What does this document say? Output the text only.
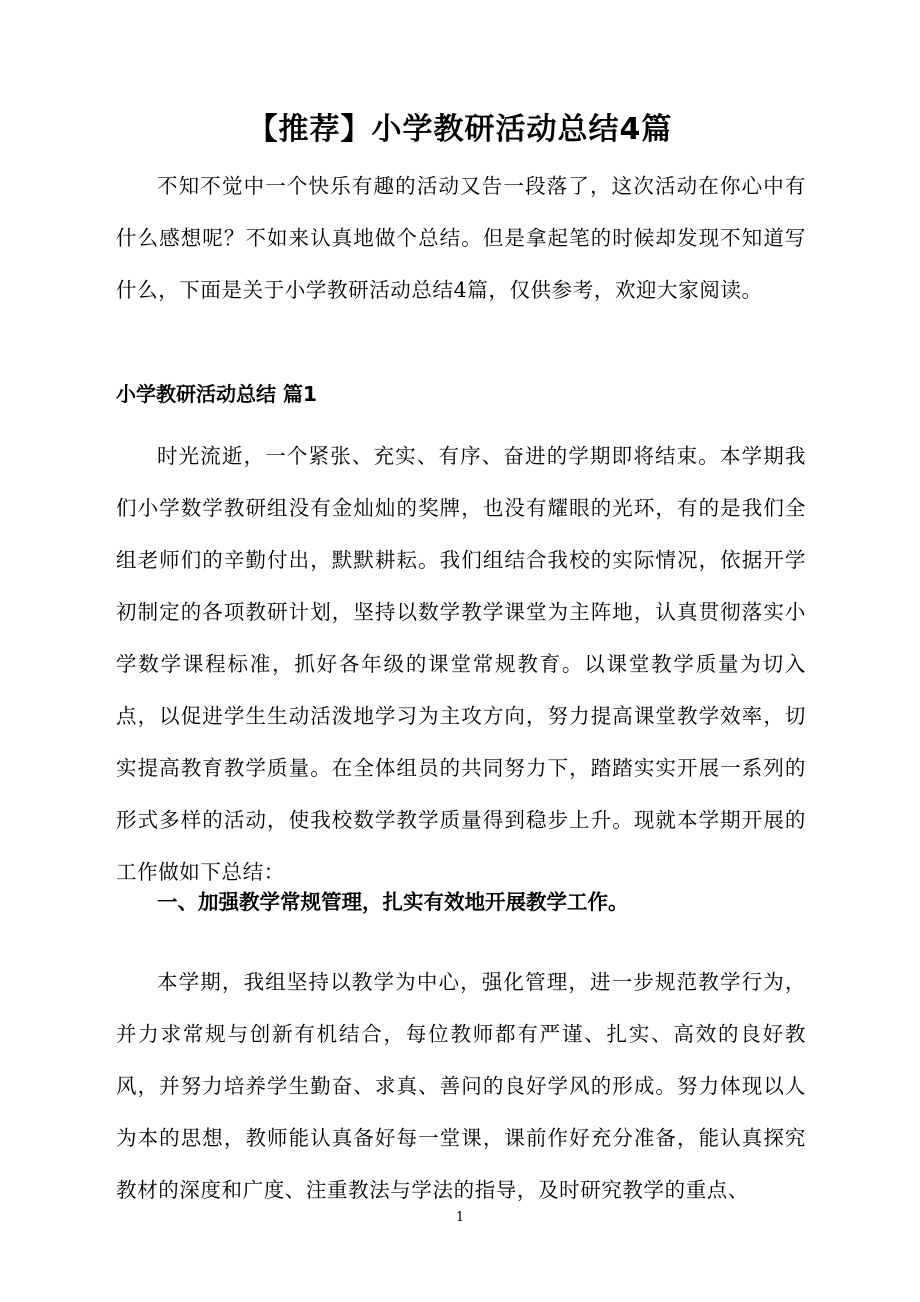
【推荐】小学教研活动总结4篇

不知不觉中一个快乐有趣的活动又告一段落了，这次活动在你心中有什么感想呢？不如来认真地做个总结。但是拿起笔的时候却发现不知道写什么，下面是关于小学教研活动总结4篇，仅供参考，欢迎大家阅读。

小学教研活动总结 篇1

时光流逝，一个紧张、充实、有序、奋进的学期即将结束。本学期我们小学数学教研组没有金灿灿的奖牌，也没有耀眼的光环，有的是我们全组老师们的辛勤付出，默默耕耘。我们组结合我校的实际情况，依据开学初制定的各项教研计划，坚持以数学教学课堂为主阵地，认真贯彻落实小学数学课程标准，抓好各年级的课堂常规教育。以课堂教学质量为切入点，以促进学生生动活泼地学习为主攻方向，努力提高课堂教学效率，切实提高教育教学质量。在全体组员的共同努力下，踏踏实实开展一系列的形式多样的活动，使我校数学教学质量得到稳步上升。现就本学期开展的工作做如下总结：

一、加强教学常规管理，扎实有效地开展教学工作。

本学期，我组坚持以教学为中心，强化管理，进一步规范教学行为，并力求常规与创新有机结合，每位教师都有严谨、扎实、高效的良好教风，并努力培养学生勤奋、求真、善问的良好学风的形成。努力体现以人为本的思想，教师能认真备好每一堂课，课前作好充分准备，能认真探究教材的深度和广度、注重教法与学法的指导，及时研究教学的重点、

1
